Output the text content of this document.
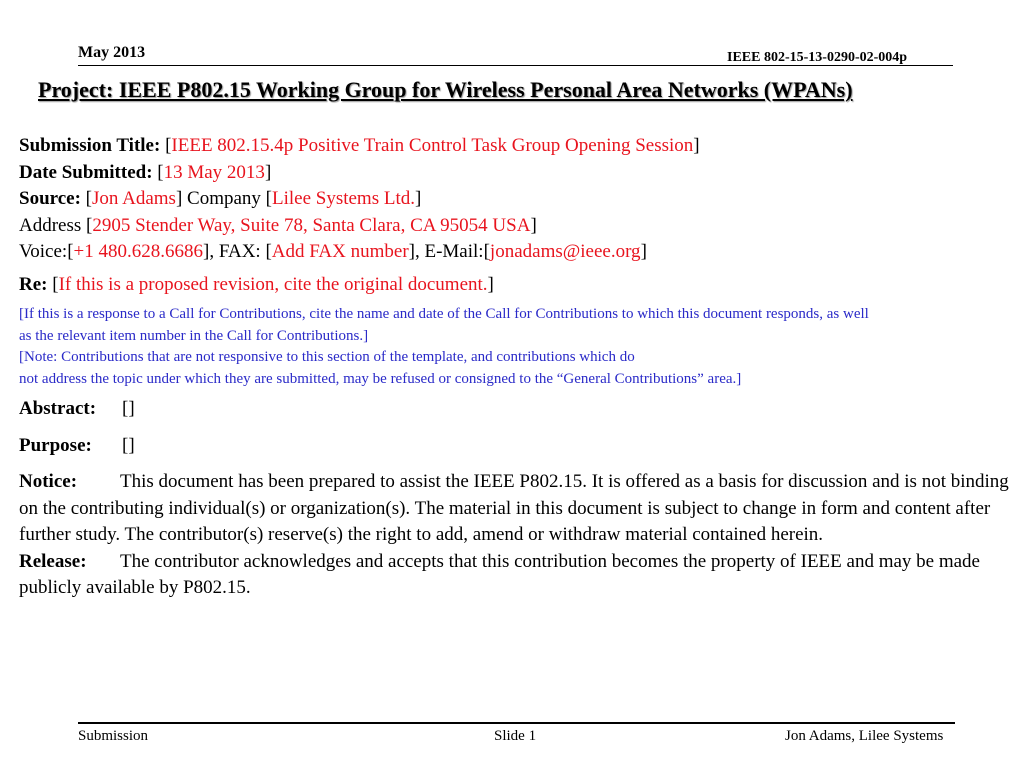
May 2013	IEEE 802-15-13-0290-02-004p
Project: IEEE P802.15 Working Group for Wireless Personal Area Networks (WPANs)
Submission Title: [IEEE 802.15.4p Positive Train Control Task Group Opening Session]
Date Submitted: [13 May 2013]
Source: [Jon Adams] Company [Lilee Systems Ltd.]
Address [2905 Stender Way, Suite 78, Santa Clara, CA 95054 USA]
Voice:[+1 480.628.6686], FAX: [Add FAX number], E-Mail:[jonadams@ieee.org]
Re: [If this is a proposed revision, cite the original document.]
[If this is a response to a Call for Contributions, cite the name and date of the Call for Contributions to which this document responds, as well
as the relevant item number in the Call for Contributions.]
[Note: Contributions that are not responsive to this section of the template, and contributions which do
not address the topic under which they are submitted, may be refused or consigned to the “General Contributions” area.]
Abstract: []
Purpose: []
Notice: This document has been prepared to assist the IEEE P802.15. It is offered as a basis for discussion and is not binding on the contributing individual(s) or organization(s). The material in this document is subject to change in form and content after further study. The contributor(s) reserve(s) the right to add, amend or withdraw material contained herein.
Release: The contributor acknowledges and accepts that this contribution becomes the property of IEEE and may be made publicly available by P802.15.
Submission	Slide 1	Jon Adams, Lilee Systems
